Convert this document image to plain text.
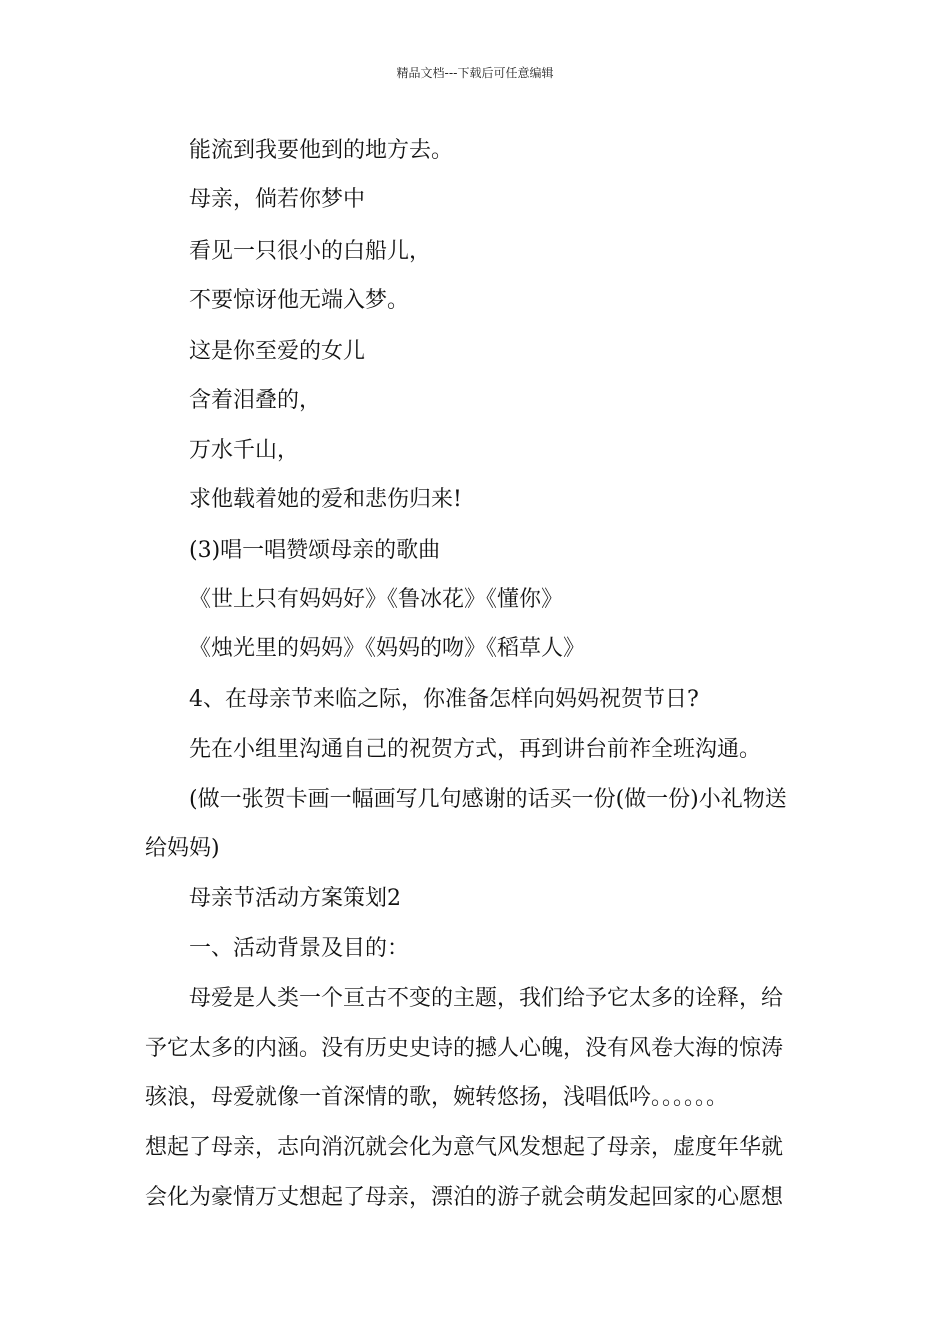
精品文档---下载后可任意编辑
能流到我要他到的地方去。
母亲，倘若你梦中
看见一只很小的白船儿，
不要惊讶他无端入梦。
这是你至爱的女儿
含着泪叠的，
万水千山，
求他载着她的爱和悲伤归来!
(3)唱一唱赞颂母亲的歌曲
《世上只有妈妈好》《鲁冰花》《懂你》
《烛光里的妈妈》《妈妈的吻》《稻草人》
4、在母亲节来临之际，你准备怎样向妈妈祝贺节日?
先在小组里沟通自己的祝贺方式，再到讲台前祚全班沟通。
(做一张贺卡画一幅画写几句感谢的话买一份(做一份)小礼物送
给妈妈)
母亲节活动方案策划2
一、活动背景及目的：
母爱是人类一个亘古不变的主题，我们给予它太多的诠释，给
予它太多的内涵。没有历史史诗的撼人心魄，没有风卷大海的惊涛
骇浪，母爱就像一首深情的歌，婉转悠扬，浅唱低吟。。。。。。
想起了母亲，志向消沉就会化为意气风发想起了母亲，虚度年华就
会化为豪情万丈想起了母亲，漂泊的游子就会萌发起回家的心愿想
